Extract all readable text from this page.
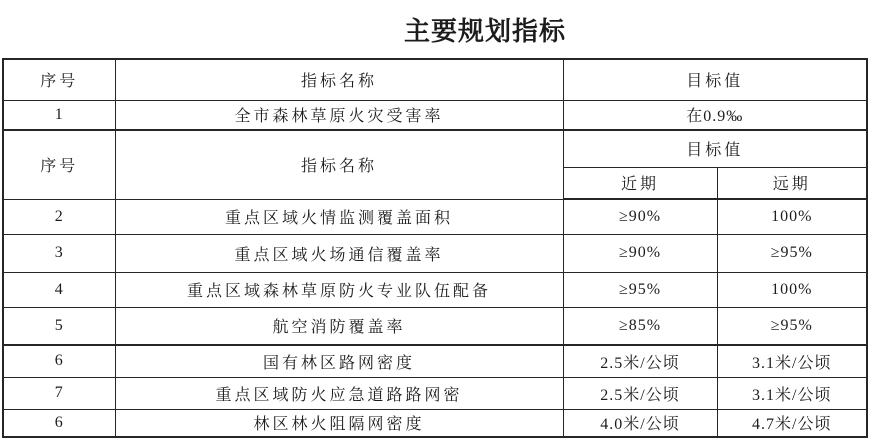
主要规划指标
序号	指标名称	目标值	
1	全市森林草原火灾受害率	在0.9‰	
序号	指标名称	目标值	
		近期	远期
2	重点区域火情监测覆盖面积	≥90%	100%
3	重点区域火场通信覆盖率	≥90%	≥95%
4	重点区域森林草原防火专业队伍配备	≥95%	100%
5	航空消防覆盖率	≥85%	≥95%
6	国有林区路网密度	2.5米/公顷	3.1米/公顷
7	重点区域防火应急道路路网密	2.5米/公顷	3.1米/公顷
6	林区林火阻隔网密度	4.0米/公顷	4.7米/公顷
